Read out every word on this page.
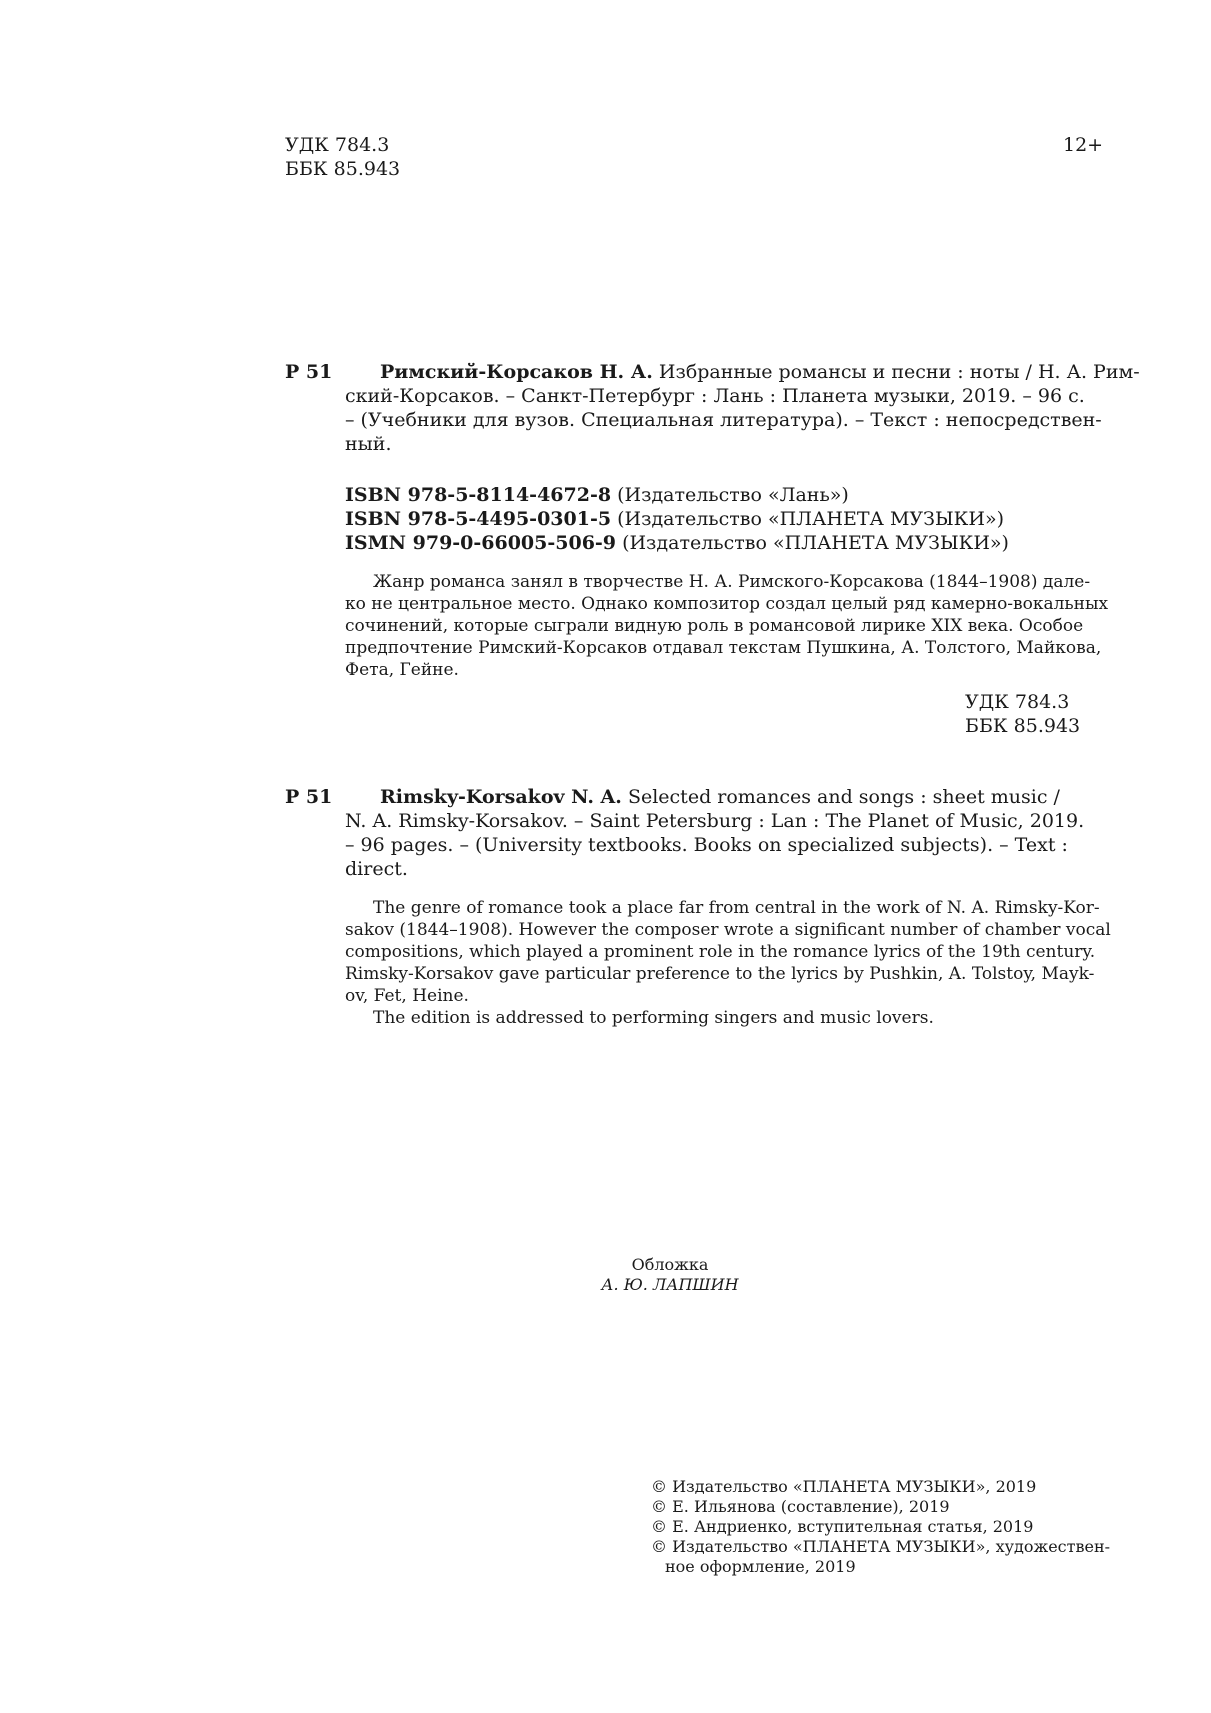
УДК 784.3
ББК 85.943
12+
Р 51	Римский-Корсаков Н. А. Избранные романсы и песни : ноты / Н. А. Рим-
ский-Корсаков. – Санкт-Петербург : Лань : Планета музыки, 2019. – 96 с.
– (Учебники для вузов. Специальная литература). – Текст : непосредствен-
ный.
ISBN 978-5-8114-4672-8 (Издательство «Лань»)
ISBN 978-5-4495-0301-5 (Издательство «ПЛАНЕТА МУЗЫКИ»)
ISMN 979-0-66005-506-9 (Издательство «ПЛАНЕТА МУЗЫКИ»)
Жанр романса занял в творчестве Н. А. Римского-Корсакова (1844–1908) дале-
ко не центральное место. Однако композитор создал целый ряд камерно-вокальных
сочинений, которые сыграли видную роль в романсовой лирике XIX века. Особое
предпочтение Римский-Корсаков отдавал текстам Пушкина, А. Толстого, Майкова,
Фета, Гейне.
УДК 784.3
ББК 85.943
Р 51	Rimsky-Korsakov N. A. Selected romances and songs : sheet music /
N. A. Rimsky-Korsakov. – Saint Petersburg : Lan : The Planet of Music, 2019.
– 96 pages. – (University textbooks. Books on specialized subjects). – Text :
direct.
The genre of romance took a place far from central in the work of N. A. Rimsky-Kor-
sakov (1844–1908). However the composer wrote a significant number of chamber vocal
compositions, which played a prominent role in the romance lyrics of the 19th century.
Rimsky-Korsakov gave particular preference to the lyrics by Pushkin, A. Tolstoy, Mayk-
ov, Fet, Heine.
The edition is addressed to performing singers and music lovers.
Обложка
А. Ю. ЛАПШИН
© Издательство «ПЛАНЕТА МУЗЫКИ», 2019
© Е. Ильянова (составление), 2019
© Е. Андриенко, вступительная статья, 2019
© Издательство «ПЛАНЕТА МУЗЫКИ», художествен-
ное оформление, 2019
